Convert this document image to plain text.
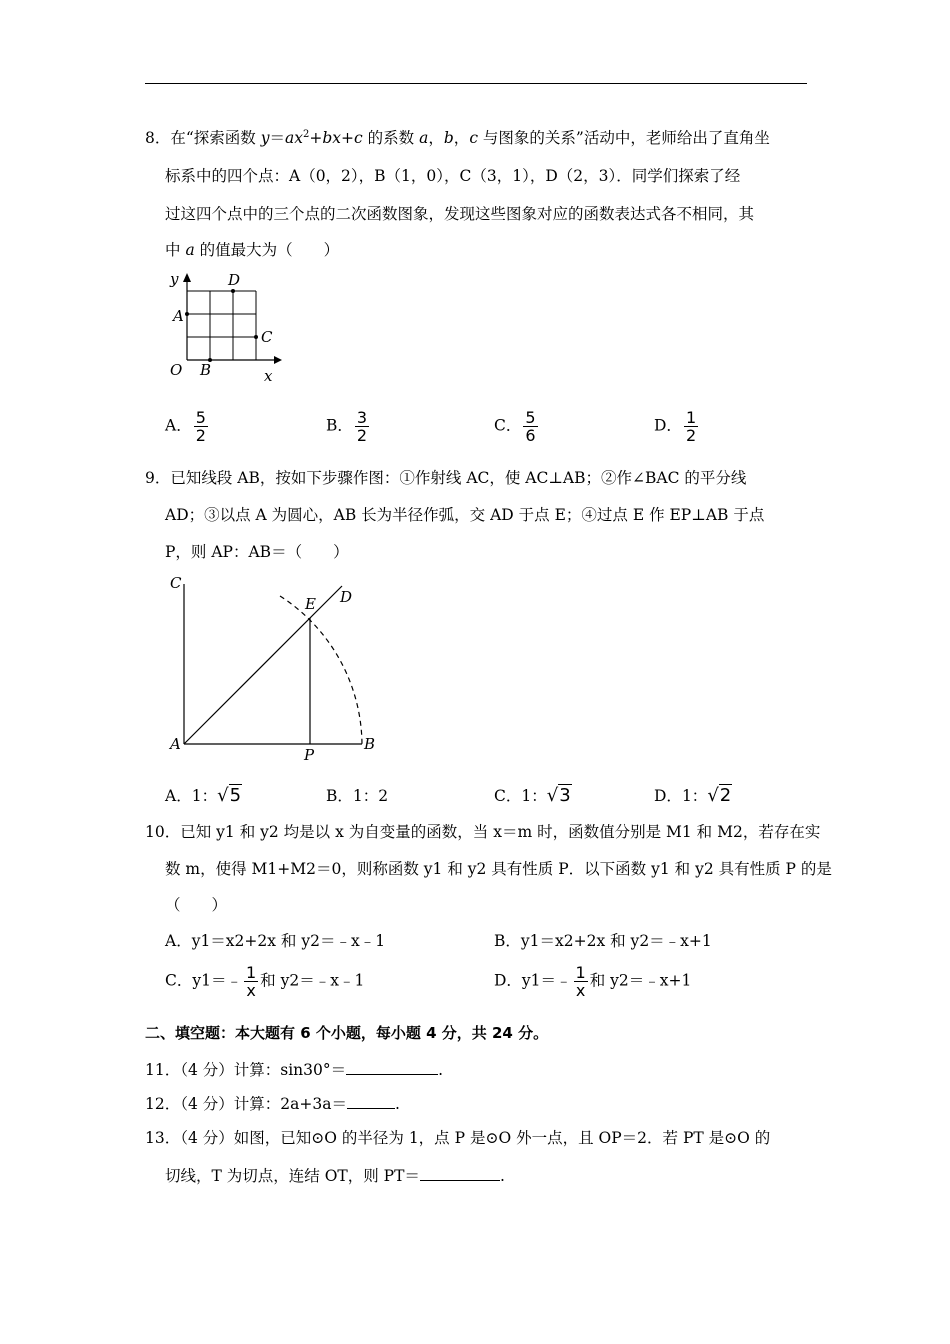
8．在“探索函数 $y=ax^2+bx+c$ 的系数 a，b，c 与图象的关系”活动中，老师给出了直角坐
标系中的四个点：A（0，2），B（1，0），C（3，1），D（2，3）．同学们探索了经
过这四个点中的三个点的二次函数图象，发现这些图象对应的函数表达式各不相同，其
中 a 的值最大为（　　）
y
x
O
A
B
C
D
A． $\frac{5}{2}$	B． $\frac{3}{2}$	C． $\frac{5}{6}$	D． $\frac{1}{2}$
9．已知线段 AB，按如下步骤作图：①作射线 AC，使 AC⊥AB；②作∠BAC 的平分线
AD；③以点 A 为圆心，AB 长为半径作弧，交 AD 于点 E；④过点 E 作 EP⊥AB 于点
P，则 AP：AB＝（　　）
C
A	B
P
E D
A．1：√5	B．1：2	C．1：√3	D．1：√2
10．已知 y1 和 y2 均是以 x 为自变量的函数，当 x＝m 时，函数值分别是 M1 和 M2，若存在实
数 m，使得 M1+M2＝0，则称函数 y1 和 y2 具有性质 P．以下函数 y1 和 y2 具有性质 P 的是
（　　）
A．y1＝x2+2x 和 y2＝﹣x﹣1	B．y1＝x2+2x 和 y2＝﹣x+1
C．y1＝﹣ $\frac{1}{x}$ 和 y2＝﹣x﹣1	D．y1＝﹣ $\frac{1}{x}$ 和 y2＝﹣x+1
二、填空题：本大题有 6 个小题，每小题 4 分，共 24 分。
11．（4 分）计算：sin30°＝	.
12．（4 分）计算：2a+3a＝	.
13．（4 分）如图，已知⊙O 的半径为 1，点 P 是⊙O 外一点，且 OP＝2．若 PT 是⊙O 的
切线，T 为切点，连结 OT，则 PT＝	.
